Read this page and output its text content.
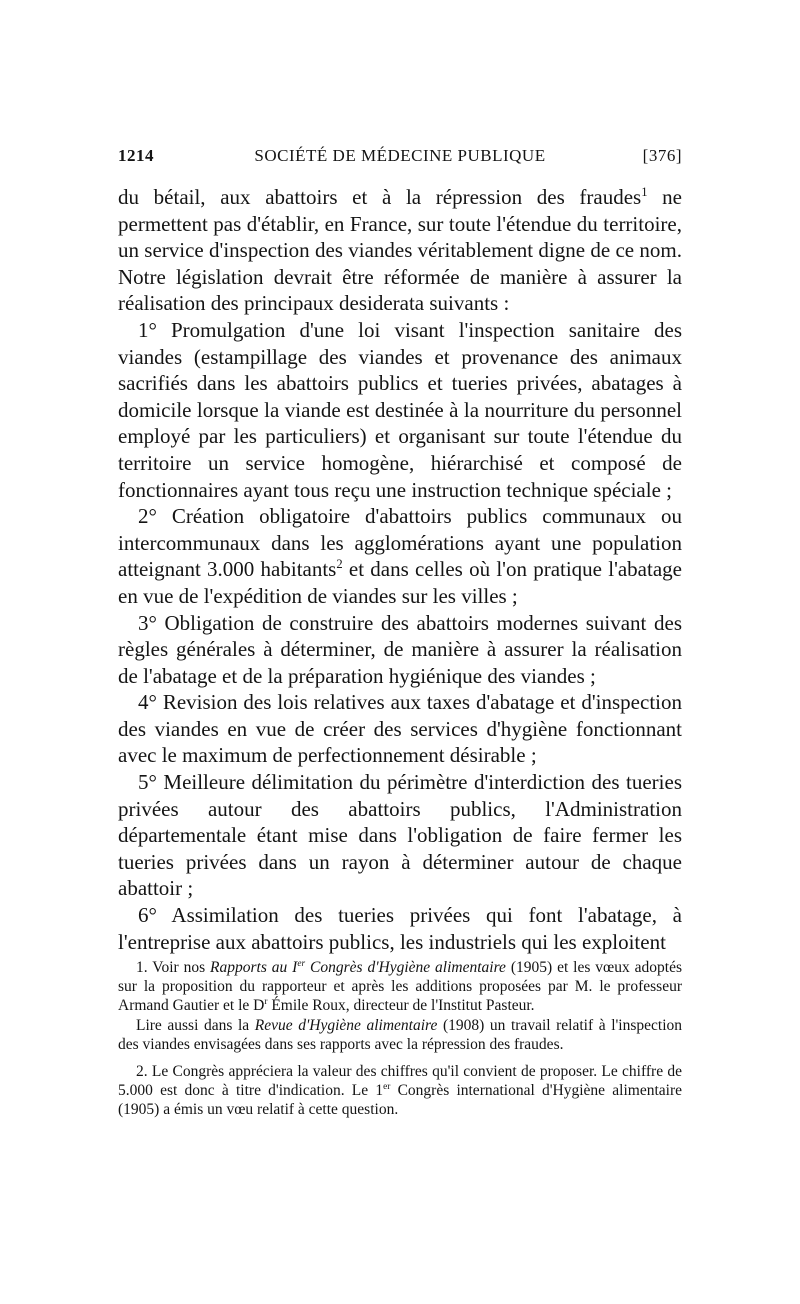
1214	SOCIÉTÉ DE MÉDECINE PUBLIQUE	[376]

du bétail, aux abattoirs et à la répression des fraudes$^1$ ne permettent pas d'établir, en France, sur toute l'étendue du territoire, un service d'inspection des viandes véritablement digne de ce nom. Notre législation devrait être réformée de manière à assurer la réalisation des principaux desiderata suivants :

1° Promulgation d'une loi visant l'inspection sanitaire des viandes (estampillage des viandes et provenance des animaux sacrifiés dans les abattoirs publics et tueries privées, abatages à domicile lorsque la viande est destinée à la nourriture du personnel employé par les particuliers) et organisant sur toute l'étendue du territoire un service homogène, hiérarchisé et composé de fonctionnaires ayant tous reçu une instruction technique spéciale ;

2° Création obligatoire d'abattoirs publics communaux ou intercommunaux dans les agglomérations ayant une population atteignant 3.000 habitants$^2$ et dans celles où l'on pratique l'abatage en vue de l'expédition de viandes sur les villes ;

3° Obligation de construire des abattoirs modernes suivant des règles générales à déterminer, de manière à assurer la réalisation de l'abatage et de la préparation hygiénique des viandes ;

4° Revision des lois relatives aux taxes d'abatage et d'inspection des viandes en vue de créer des services d'hygiène fonctionnant avec le maximum de perfectionnement désirable ;

5° Meilleure délimitation du périmètre d'interdiction des tueries privées autour des abattoirs publics, l'Administration départementale étant mise dans l'obligation de faire fermer les tueries privées dans un rayon à déterminer autour de chaque abattoir ;

6° Assimilation des tueries privées qui font l'abatage, à l'entreprise aux abattoirs publics, les industriels qui les exploitent

1. Voir nos Rapports au Ier Congrès d'Hygiène alimentaire (1905) et les vœux adoptés sur la proposition du rapporteur et après les additions proposées par M. le professeur Armand Gautier et le $D^r$ Émile Roux, directeur de l'Institut Pasteur.

Lire aussi dans la Revue d'Hygiène alimentaire (1908) un travail relatif à l'inspection des viandes envisagées dans ses rapports avec la répression des fraudes.

2. Le Congrès appréciera la valeur des chiffres qu'il convient de proposer. Le chiffre de 5.000 est donc à titre d'indication. Le 1er Congrès international d'Hygiène alimentaire (1905) a émis un vœu relatif à cette question.
